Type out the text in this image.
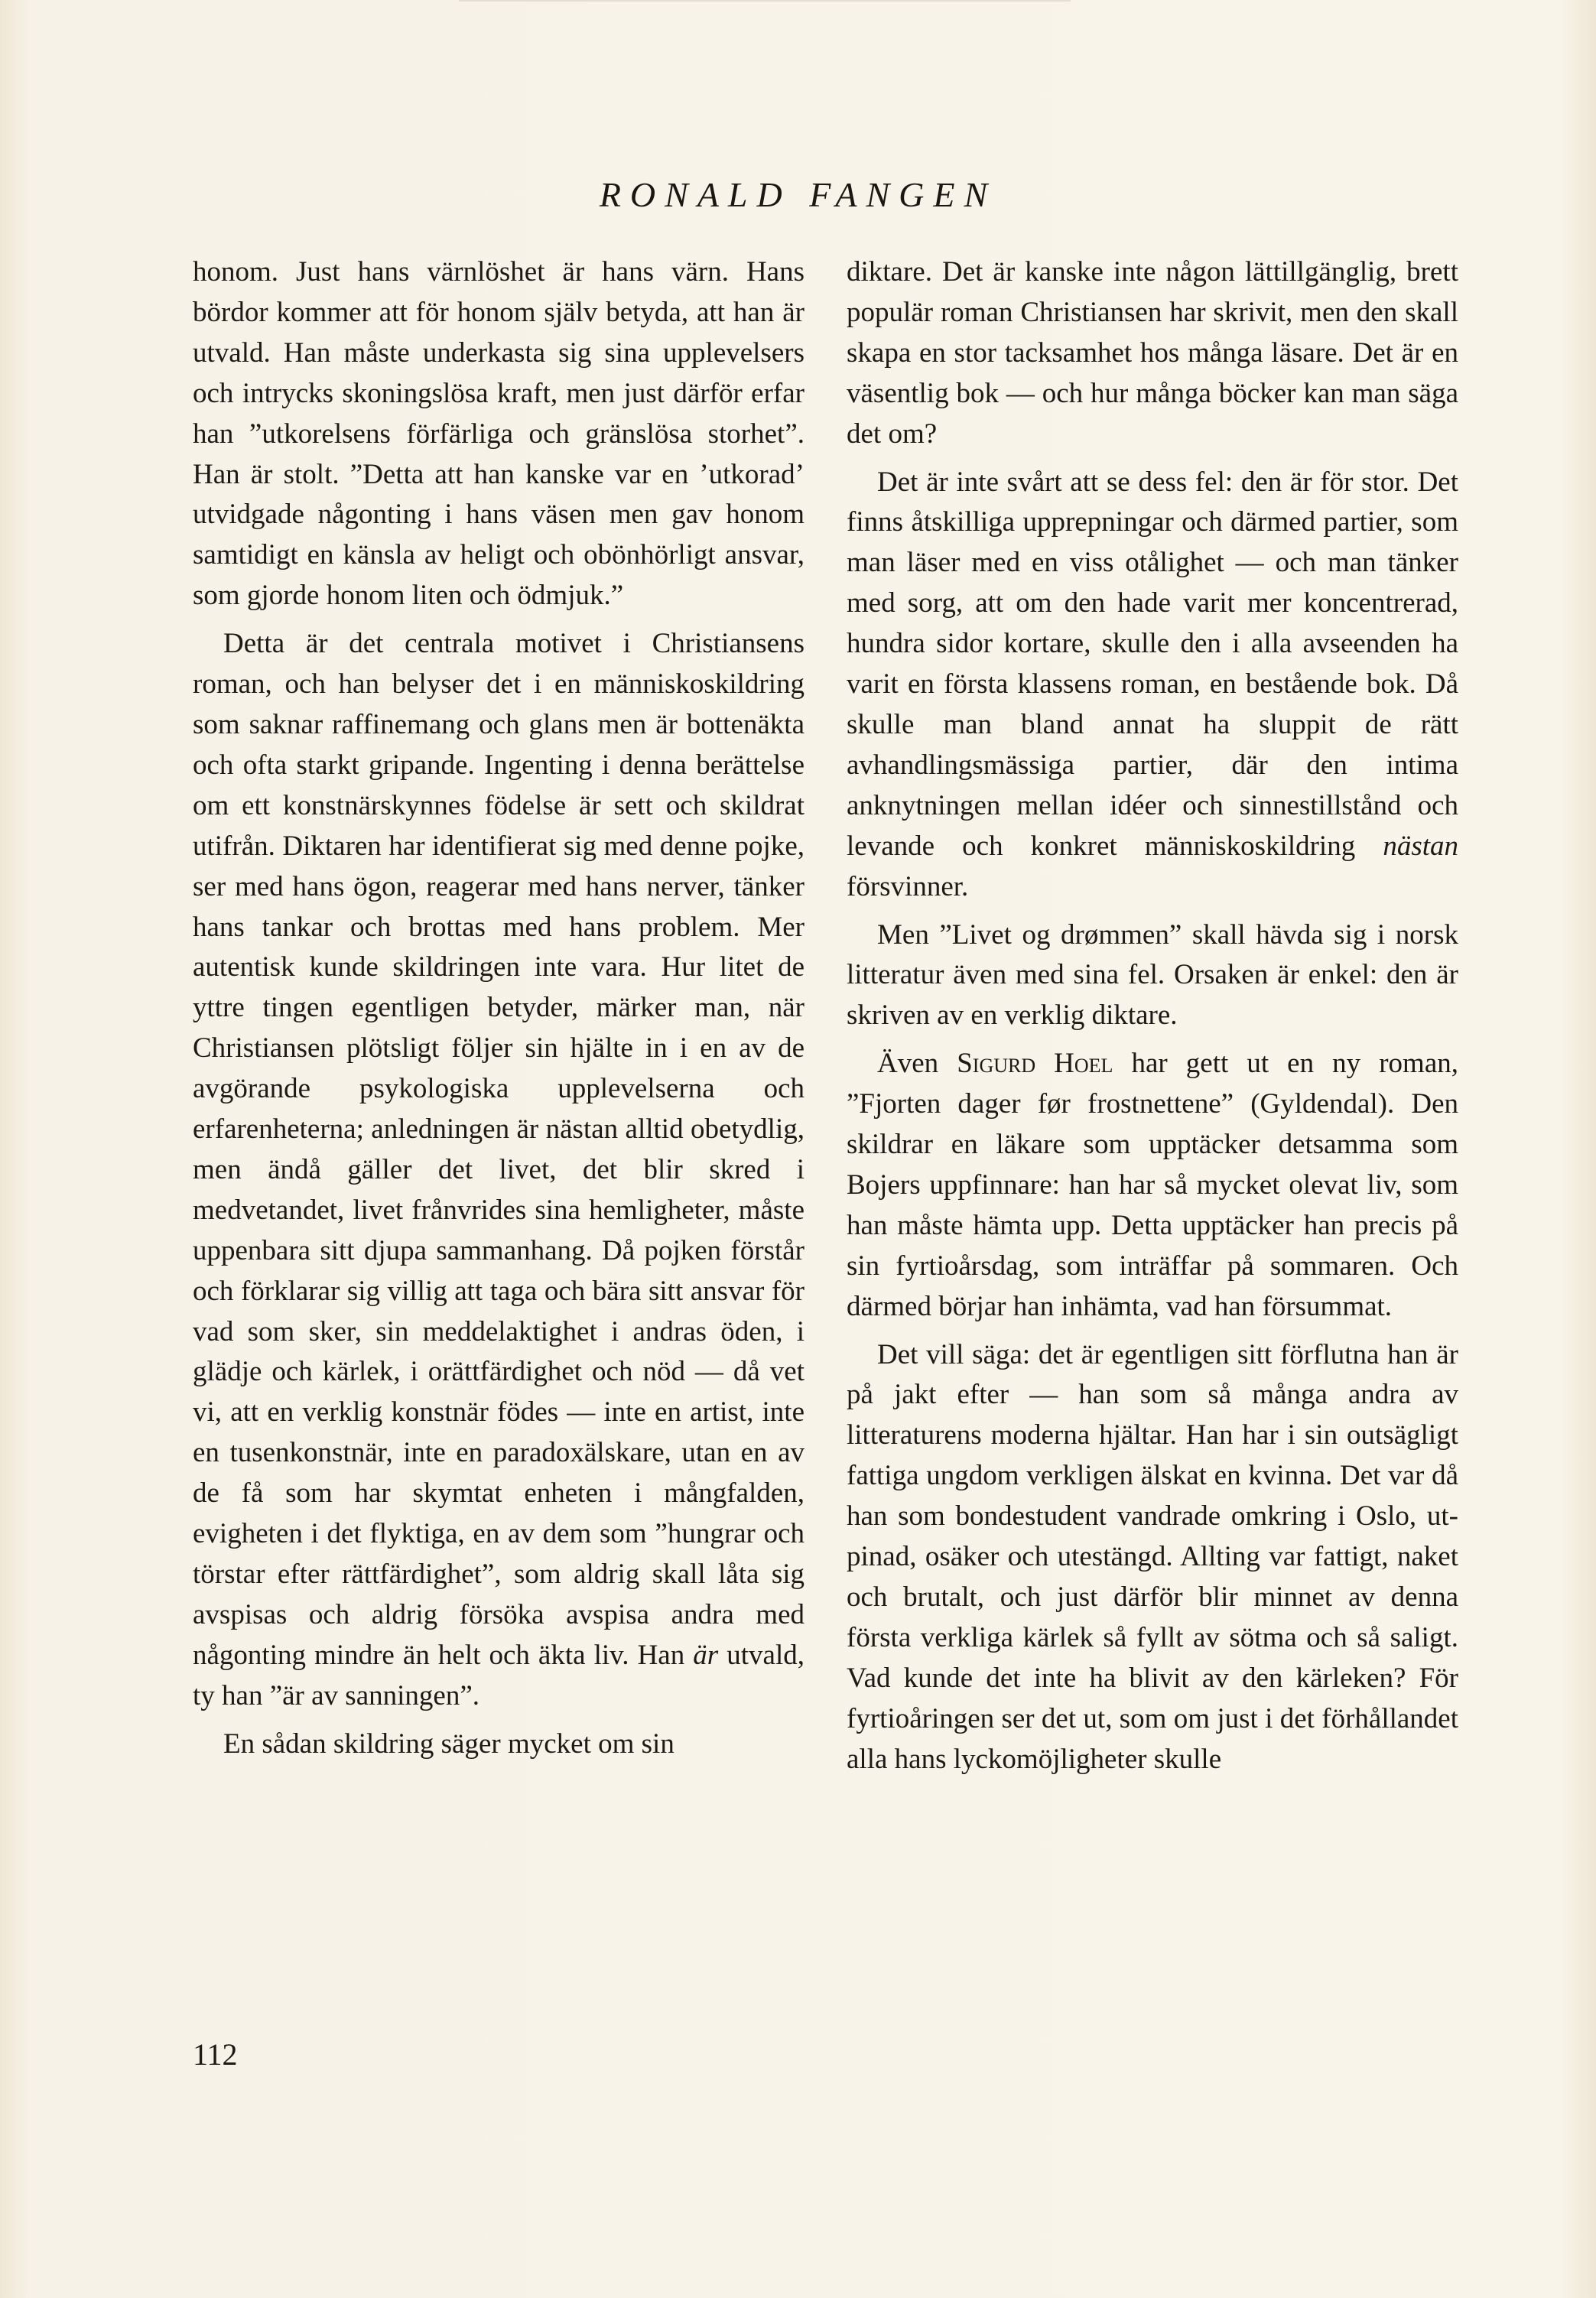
RONALD FANGEN

honom. Just hans värnlöshet är hans värn. Hans bördor kommer att för honom själv betyda, att han är utvald. Han måste underkasta sig sina upplevelsers och intrycks skoningslösa kraft, men just därför erfar han ”utkorelsens förfärliga och gränslösa storhet”. Han är stolt. ”Detta att han kanske var en ’utkorad’ utvidgade någonting i hans väsen men gav honom samtidigt en känsla av heligt och obönhörligt ansvar, som gjorde honom liten och ödmjuk.”

Detta är det centrala motivet i Christiansens roman, och han belyser det i en människoskildring som saknar raffinemang och glans men är bottenäkta och ofta starkt gripande. Ingenting i denna berättelse om ett konstnärskynnes födelse är sett och skildrat utifrån. Diktaren har identifierat sig med denne pojke, ser med hans ögon, reagerar med hans nerver, tänker hans tankar och brottas med hans problem. Mer autentisk kunde skildringen inte vara. Hur litet de yttre tingen egentligen betyder, märker man, när Christiansen plötsligt följer sin hjälte in i en av de avgörande psykologiska upplevelserna och erfarenheterna; anledningen är nästan alltid obetydlig, men ändå gäller det livet, det blir skred i medvetandet, livet frånvrides sina hemligheter, måste uppenbara sitt djupa sammanhang. Då pojken förstår och förklarar sig villig att taga och bära sitt ansvar för vad som sker, sin meddelaktighet i andras öden, i glädje och kärlek, i orättfärdighet och nöd — då vet vi, att en verklig konstnär födes — inte en artist, inte en tusenkonstnär, inte en paradoxälskare, utan en av de få som har skymtat enheten i mångfalden, evigheten i det flyktiga, en av dem som ”hungrar och törstar efter rättfärdighet”, som aldrig skall låta sig avspisas och aldrig försöka avspisa andra med någonting mindre än helt och äkta liv. Han är utvald, ty han ”är av sanningen”.

En sådan skildring säger mycket om sin

diktare. Det är kanske inte någon lättillgänglig, brett populär roman Christiansen har skrivit, men den skall skapa en stor tacksamhet hos många läsare. Det är en väsentlig bok — och hur många böcker kan man säga det om?

Det är inte svårt att se dess fel: den är för stor. Det finns åtskilliga upprepningar och därmed partier, som man läser med en viss otålighet — och man tänker med sorg, att om den hade varit mer koncentrerad, hundra sidor kortare, skulle den i alla avseenden ha varit en första klassens roman, en bestående bok. Då skulle man bland annat ha sluppit de rätt avhandlingsmässiga partier, där den intima anknytningen mellan idéer och sinnestillstånd och levande och konkret människoskildring nästan försvinner.

Men ”Livet og drømmen” skall hävda sig i norsk litteratur även med sina fel. Orsaken är enkel: den är skriven av en verklig diktare.

Även Sigurd Hoel har gett ut en ny roman, ”Fjorten dager før frostnettene” (Gyldendal). Den skildrar en läkare som upptäcker detsamma som Bojers uppfinnare: han har så mycket olevat liv, som han måste hämta upp. Detta upptäcker han precis på sin fyrtioårsdag, som inträffar på sommaren. Och därmed börjar han inhämta, vad han försummat.

Det vill säga: det är egentligen sitt förflutna han är på jakt efter — han som så många andra av litteraturens moderna hjältar. Han har i sin outsägligt fattiga ungdom verkligen älskat en kvinna. Det var då han som bondestudent vandrade omkring i Oslo, utpinad, osäker och utestängd. Allting var fattigt, naket och brutalt, och just därför blir minnet av denna första verkliga kärlek så fyllt av sötma och så saligt. Vad kunde det inte ha blivit av den kärleken? För fyrtioåringen ser det ut, som om just i det förhållandet alla hans lyckomöjligheter skulle

112
